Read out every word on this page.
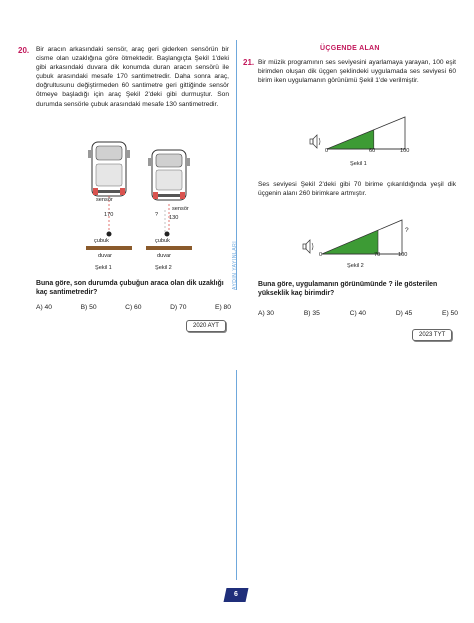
20. Bir aracın arkasındaki sensör, araç geri giderken sensörün bir cisme olan uzaklığına göre ötmektedir. Başlangıçta Şekil 1'deki gibi arkasındaki duvara dik konumda duran aracın sensörü ile çubuk arasındaki mesafe 170 santimetredir. Daha sonra araç, doğrultusunu değiştirmeden 60 santimetre geri gittiğinde sensör ötmeye başladığı için araç Şekil 2'deki gibi durmuştur. Son durumda sensörle çubuk arasındaki mesafe 130 santimetredir.
sensör
sensör
170	? 130
çubuk	çubuk
duvar	duvar
Şekil 1	Şekil 2
Buna göre, son durumda çubuğun araca olan dik uzaklığı kaç santimetredir?
A) 40	B) 50	C) 60	D) 70	E) 80
2020 AYT
AYDIN YAYINLARI
ÜÇGENDE ALAN
21. Bir müzik programının ses seviyesini ayarlamaya yarayan, 100 eşit birimden oluşan dik üçgen şeklindeki uygulamada ses seviyesi 60 birim iken uygulamanın görünümü Şekil 1'de verilmiştir.
0	60	100
Şekil 1
Ses seviyesi Şekil 2'deki gibi 70 birime çıkarıldığında yeşil dik üçgenin alanı 260 birimkare artmıştır.
0	70	100
?
Şekil 2
Buna göre, uygulamanın görünümünde ? ile gösterilen yükseklik kaç birimdir?
A) 30	B) 35	C) 40	D) 45	E) 50
2023 TYT
6
